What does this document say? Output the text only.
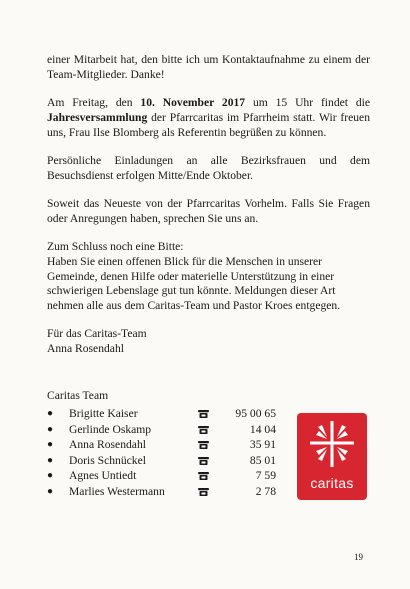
einer Mitarbeit hat, den bitte ich um Kontaktaufnahme zu einem der Team-Mitglieder. Danke!

Am Freitag, den 10. November 2017 um 15 Uhr findet die Jahresversammlung der Pfarrcaritas im Pfarrheim statt. Wir freuen uns, Frau Ilse Blomberg als Referentin begrüßen zu können.

Persönliche Einladungen an alle Bezirksfrauen und dem Besuchsdienst erfolgen Mitte/Ende Oktober.

Soweit das Neueste von der Pfarrcaritas Vorhelm. Falls Sie Fragen oder Anregungen haben, sprechen Sie uns an.

Zum Schluss noch eine Bitte:
Haben Sie einen offenen Blick für die Menschen in unserer
Gemeinde, denen Hilfe oder materielle Unterstützung in einer
schwierigen Lebenslage gut tun könnte. Meldungen dieser Art
nehmen alle aus dem Caritas-Team und Pastor Kroes entgegen.
Für das Caritas-Team
Anna Rosendahl
Caritas Team
● Brigitte Kaiser	95 00 65
● Gerlinde Oskamp	14 04
● Anna Rosendahl	35 91
● Doris Schnückel	85 01
● Agnes Untiedt	7 59
● Marlies Westermann	2 78
caritas
19
